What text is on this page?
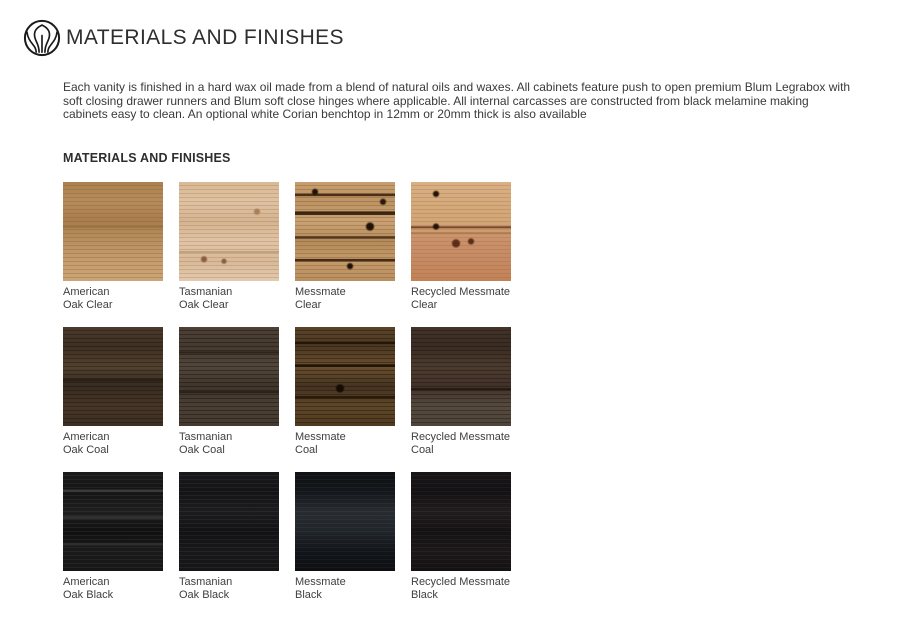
MATERIALS AND FINISHES

Each vanity is finished in a hard wax oil made from a blend of natural oils and waxes. All cabinets feature push to open premium Blum Legrabox with soft closing drawer runners and Blum soft close hinges where applicable. All internal carcasses are constructed from black melamine making cabinets easy to clean. An optional white Corian benchtop in 12mm or 20mm thick is also available

MATERIALS AND FINISHES
American
Oak Clear
Tasmanian
Oak Clear
Messmate
Clear
Recycled Messmate
Clear
American
Oak Coal
Tasmanian
Oak Coal
Messmate
Coal
Recycled Messmate
Coal
American
Oak Black
Tasmanian
Oak Black
Messmate
Black
Recycled Messmate
Black
